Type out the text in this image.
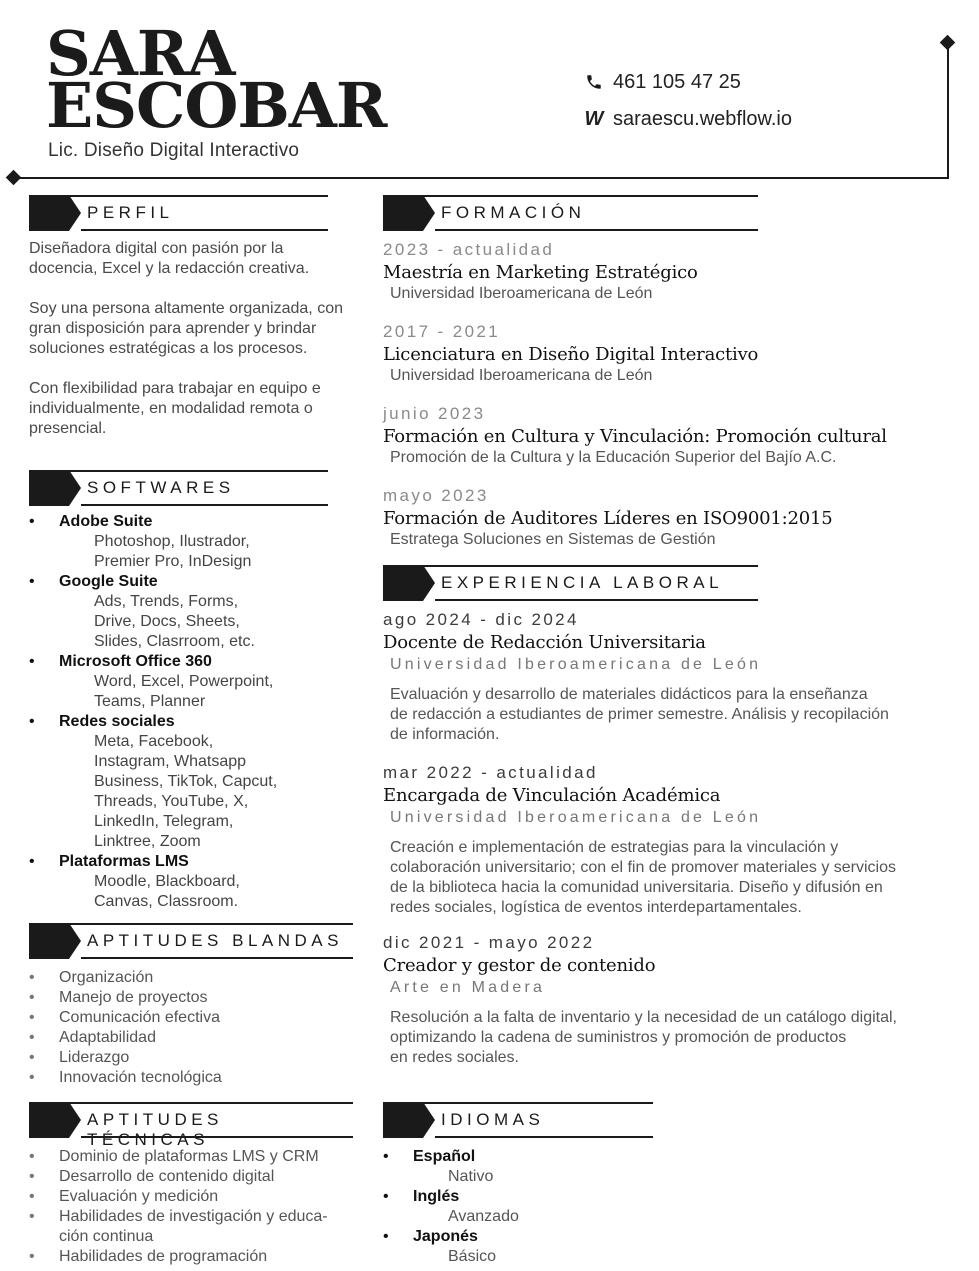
SARA
ESCOBAR
Lic. Diseño Digital Interactivo
461 105 47 25
W saraescu.webflow.io
PERFIL

Diseñadora digital con pasión por la docencia, Excel y la redacción creativa.

Soy una persona altamente organizada, con gran disposición para aprender y brindar soluciones estratégicas a los procesos.

Con flexibilidad para trabajar en equipo e individualmente, en modalidad remota o presencial.

SOFTWARES
• Adobe Suite
Photoshop, Ilustrador,
Premier Pro, InDesign
• Google Suite
Ads, Trends, Forms,
Drive, Docs, Sheets,
Slides, Clasrroom, etc.
• Microsoft Office 360
Word, Excel, Powerpoint,
Teams, Planner
• Redes sociales
Meta, Facebook,
Instagram, Whatsapp
Business, TikTok, Capcut,
Threads, YouTube, X,
LinkedIn, Telegram,
Linktree, Zoom
• Plataformas LMS
Moodle, Blackboard,
Canvas, Classroom.
APTITUDES BLANDAS
• Organización
• Manejo de proyectos
• Comunicación efectiva
• Adaptabilidad
• Liderazgo
• Innovación tecnológica
APTITUDES TÉCNICAS
• Dominio de plataformas LMS y CRM
• Desarrollo de contenido digital
• Evaluación y medición
• Habilidades de investigación y educa-
ción continua
• Habilidades de programación
FORMACIÓN
2023 - actualidad
Maestría en Marketing Estratégico
Universidad Iberoamericana de León
2017 - 2021
Licenciatura en Diseño Digital Interactivo
Universidad Iberoamericana de León
junio 2023
Formación en Cultura y Vinculación: Promoción cultural
Promoción de la Cultura y la Educación Superior del Bajío A.C.
mayo 2023
Formación de Auditores Líderes en ISO9001:2015
Estratega Soluciones en Sistemas de Gestión
EXPERIENCIA LABORAL
ago 2024 - dic 2024
Docente de Redacción Universitaria
Universidad Iberoamericana de León
Evaluación y desarrollo de materiales didácticos para la enseñanza
de redacción a estudiantes de primer semestre. Análisis y recopilación
de información.
mar 2022 - actualidad
Encargada de Vinculación Académica
Universidad Iberoamericana de León
Creación e implementación de estrategias para la vinculación y
colaboración universitario; con el fin de promover materiales y servicios
de la biblioteca hacia la comunidad universitaria. Diseño y difusión en
redes sociales, logística de eventos interdepartamentales.
dic 2021 - mayo 2022
Creador y gestor de contenido
Arte en Madera
Resolución a la falta de inventario y la necesidad de un catálogo digital,
optimizando la cadena de suministros y promoción de productos
en redes sociales.
IDIOMAS
• Español
Nativo
• Inglés
Avanzado
• Japonés
Básico
